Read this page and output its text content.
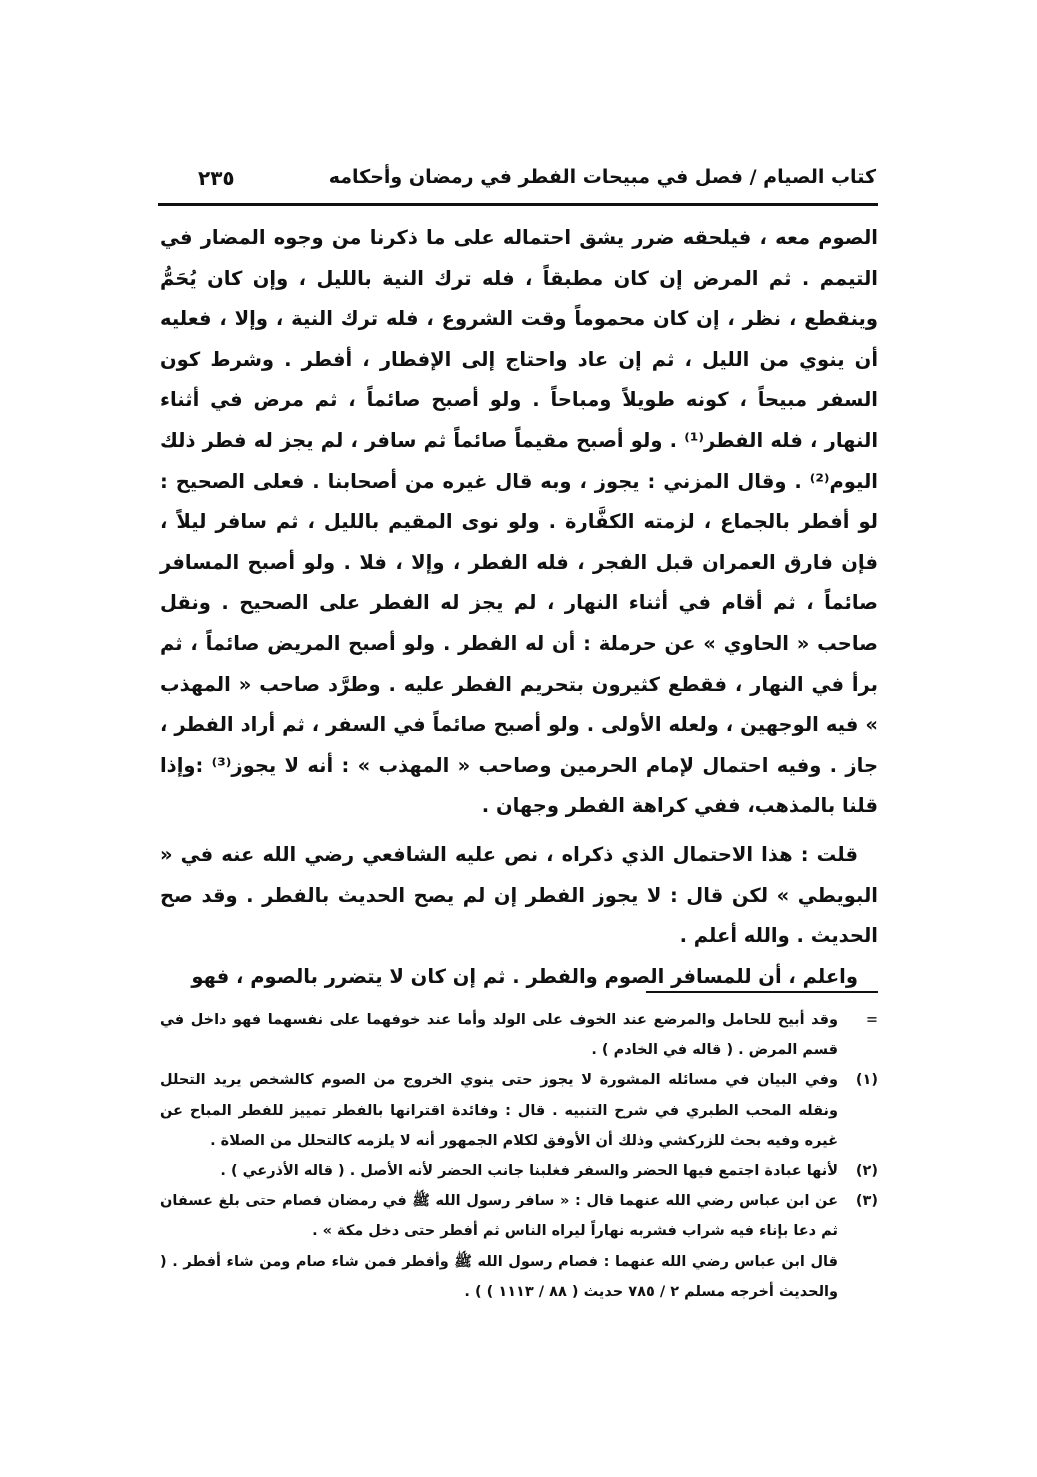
كتاب الصيام / فصل في مبيحات الفطر في رمضان وأحكامه
٢٣٥

الصوم معه ، فيلحقه ضرر يشق احتماله على ما ذكرنا من وجوه المضار في التيمم . ثم المرض إن كان مطبقاً ، فله ترك النية بالليل ، وإن كان يُحَمُّ وينقطع ، نظر ، إن كان محموماً وقت الشروع ، فله ترك النية ، وإلا ، فعليه أن ينوي من الليل ، ثم إن عاد واحتاج إلى الإفطار ، أفطر . وشرط كون السفر مبيحاً ، كونه طويلاً ومباحاً . ولو أصبح صائماً ، ثم مرض في أثناء النهار ، فله الفطر⁽¹⁾ . ولو أصبح مقيماً صائماً ثم سافر ، لم يجز له فطر ذلك اليوم⁽²⁾ . وقال المزني : يجوز ، وبه قال غيره من أصحابنا . فعلى الصحيح : لو أفطر بالجماع ، لزمته الكفَّارة . ولو نوى المقيم بالليل ، ثم سافر ليلاً ، فإن فارق العمران قبل الفجر ، فله الفطر ، وإلا ، فلا . ولو أصبح المسافر صائماً ، ثم أقام في أثناء النهار ، لم يجز له الفطر على الصحيح . ونقل صاحب « الحاوي » عن حرملة : أن له الفطر . ولو أصبح المريض صائماً ، ثم برأ في النهار ، فقطع كثيرون بتحريم الفطر عليه . وطرَّد صاحب « المهذب » فيه الوجهين ، ولعله الأولى . ولو أصبح صائماً في السفر ، ثم أراد الفطر ، جاز . وفيه احتمال لإمام الحرمين وصاحب « المهذب » : أنه لا يجوز⁽³⁾ :وإذا قلنا بالمذهب، ففي كراهة الفطر وجهان .

قلت : هذا الاحتمال الذي ذكراه ، نص عليه الشافعي رضي الله عنه في « البويطي » لكن قال : لا يجوز الفطر إن لم يصح الحديث بالفطر . وقد صح الحديث . والله أعلم .

واعلم ، أن للمسافر الصوم والفطر . ثم إن كان لا يتضرر بالصوم ، فهو

=
وقد أبيح للحامل والمرضع عند الخوف على الولد وأما عند خوفهما على نفسهما فهو داخل في قسم المرض . ( قاله في الخادم ) .
(١)
وفي البيان في مسائله المشورة لا يجوز حتى ينوي الخروج من الصوم كالشخص يريد التحلل ونقله المحب الطبري في شرح التنبيه . قال : وفائدة اقترانها بالفطر تمييز للفطر المباح عن غيره وفيه بحث للزركشي وذلك أن الأوفق لكلام الجمهور أنه لا يلزمه كالتحلل من الصلاة .
(٢)
لأنها عبادة اجتمع فيها الحضر والسفر فغلبنا جانب الحضر لأنه الأصل . ( قاله الأذرعي ) .
(٣)
عن ابن عباس رضي الله عنهما قال : « سافر رسول الله ﷺ في رمضان فصام حتى بلغ عسفان ثم دعا بإناء فيه شراب فشربه نهاراً ليراه الناس ثم أفطر حتى دخل مكة » .
قال ابن عباس رضي الله عنهما : فصام رسول الله ﷺ وأفطر فمن شاء صام ومن شاء أفطر . ( والحديث أخرجه مسلم ٢ / ٧٨٥ حديث ( ٨٨ / ١١١٣ ) ) .
